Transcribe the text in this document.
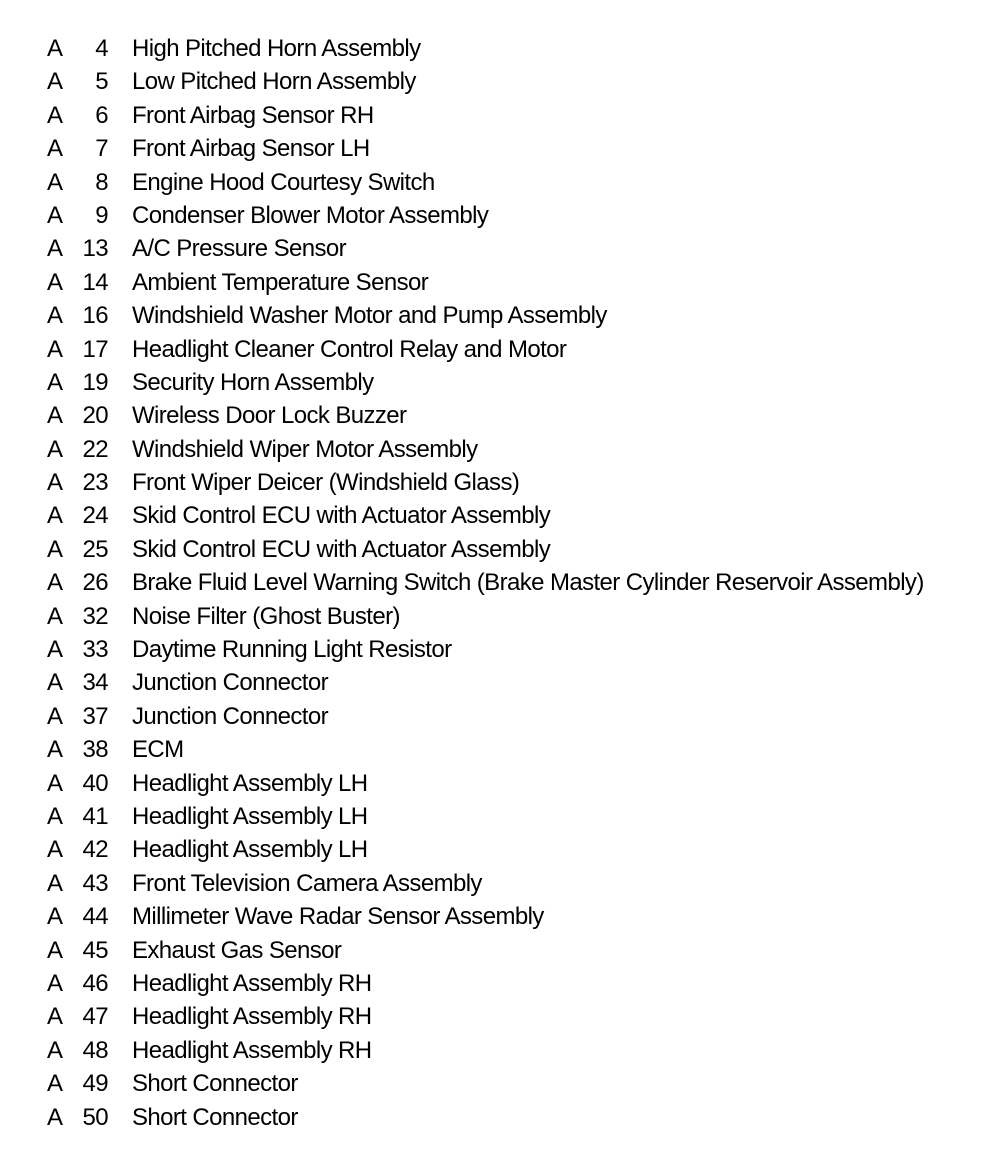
A	4 High Pitched Horn Assembly
A	5 Low Pitched Horn Assembly
A	6 Front Airbag Sensor RH
A	7 Front Airbag Sensor LH
A	8 Engine Hood Courtesy Switch
A	9 Condenser Blower Motor Assembly
A 13 A/C Pressure Sensor
A 14 Ambient Temperature Sensor
A 16 Windshield Washer Motor and Pump Assembly
A 17 Headlight Cleaner Control Relay and Motor
A 19 Security Horn Assembly
A 20 Wireless Door Lock Buzzer
A 22 Windshield Wiper Motor Assembly
A 23 Front Wiper Deicer (Windshield Glass)
A 24 Skid Control ECU with Actuator Assembly
A 25 Skid Control ECU with Actuator Assembly
A 26 Brake Fluid Level Warning Switch (Brake Master Cylinder Reservoir Assembly)
A 32 Noise Filter (Ghost Buster)
A 33 Daytime Running Light Resistor
A 34 Junction Connector
A 37 Junction Connector
A 38 ECM
A 40 Headlight Assembly LH
A 41 Headlight Assembly LH
A 42 Headlight Assembly LH
A 43 Front Television Camera Assembly
A 44 Millimeter Wave Radar Sensor Assembly
A 45 Exhaust Gas Sensor
A 46 Headlight Assembly RH
A 47 Headlight Assembly RH
A 48 Headlight Assembly RH
A 49 Short Connector
A 50 Short Connector
